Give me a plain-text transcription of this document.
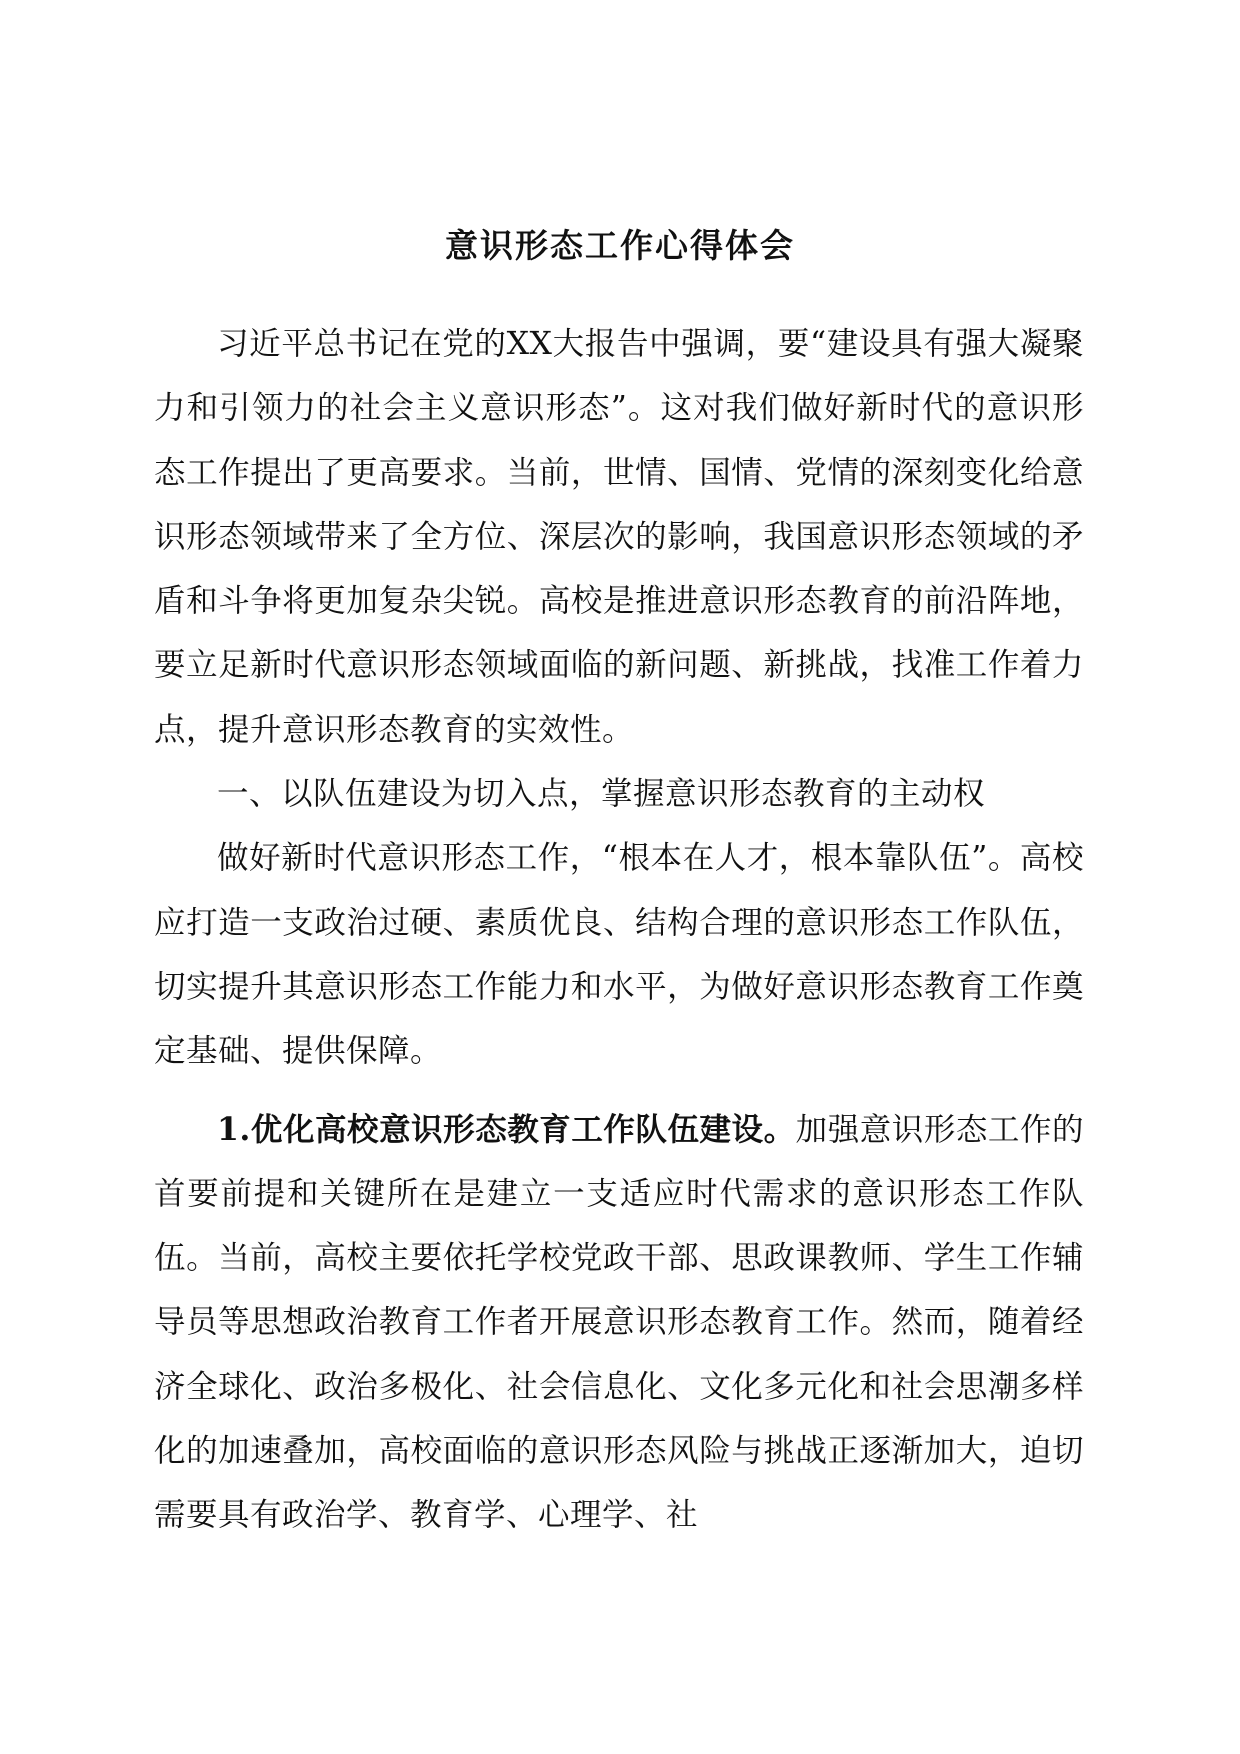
意识形态工作心得体会

习近平总书记在党的XX大报告中强调，要“建设具有强大凝聚力和引领力的社会主义意识形态”。这对我们做好新时代的意识形态工作提出了更高要求。当前，世情、国情、党情的深刻变化给意识形态领域带来了全方位、深层次的影响，我国意识形态领域的矛盾和斗争将更加复杂尖锐。高校是推进意识形态教育的前沿阵地，要立足新时代意识形态领域面临的新问题、新挑战，找准工作着力点，提升意识形态教育的实效性。

一、以队伍建设为切入点，掌握意识形态教育的主动权

做好新时代意识形态工作，“根本在人才，根本靠队伍”。高校应打造一支政治过硬、素质优良、结构合理的意识形态工作队伍，切实提升其意识形态工作能力和水平，为做好意识形态教育工作奠定基础、提供保障。

1.优化高校意识形态教育工作队伍建设。加强意识形态工作的首要前提和关键所在是建立一支适应时代需求的意识形态工作队伍。当前，高校主要依托学校党政干部、思政课教师、学生工作辅导员等思想政治教育工作者开展意识形态教育工作。然而，随着经济全球化、政治多极化、社会信息化、文化多元化和社会思潮多样化的加速叠加，高校面临的意识形态风险与挑战正逐渐加大，迫切需要具有政治学、教育学、心理学、社
